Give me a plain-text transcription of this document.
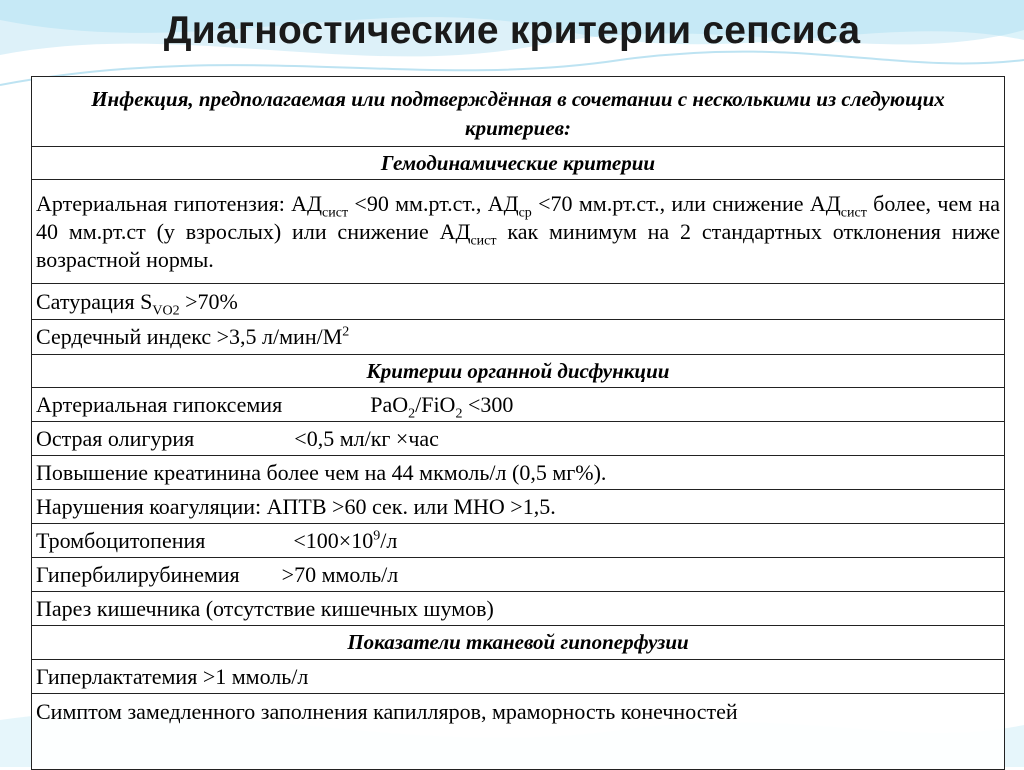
Диагностические критерии сепсиса
Инфекция, предполагаемая или подтверждённая в сочетании с несколькими из следующих критериев:
Гемодинамические критерии
Артериальная гипотензия: $АД_{сист} <90$ мм.рт.ст., $АД_{ср} <70$ мм.рт.ст., или снижение $АД_{сист}$ более, чем на 40 мм.рт.ст (у взрослых) или снижение $АД_{сист}$ как минимум на 2 стандартных отклонения ниже возрастной нормы.
Сатурация $S_{VO2} >70\%$
Сердечный индекс >3,5 $л/мин/М^2$
Критерии органной дисфункции
Артериальная гипоксемия	PaO$_2$/FiO$_2$ <300
Острая олигурия	<0,5 мл/кг ×час
Повышение креатинина более чем на 44 мкмоль/л (0,5 мг%).
Нарушения коагуляции: АПТВ >60 сек. или МНО >1,5.
Тромбоцитопения	$<100\times 10^9/л$
Гипербилирубинемия >70 ммоль/л
Парез кишечника (отсутствие кишечных шумов)
Показатели тканевой гипоперфузии
Гиперлактатемия >1 ммоль/л
Симптом замедленного заполнения капилляров, мраморность конечностей
